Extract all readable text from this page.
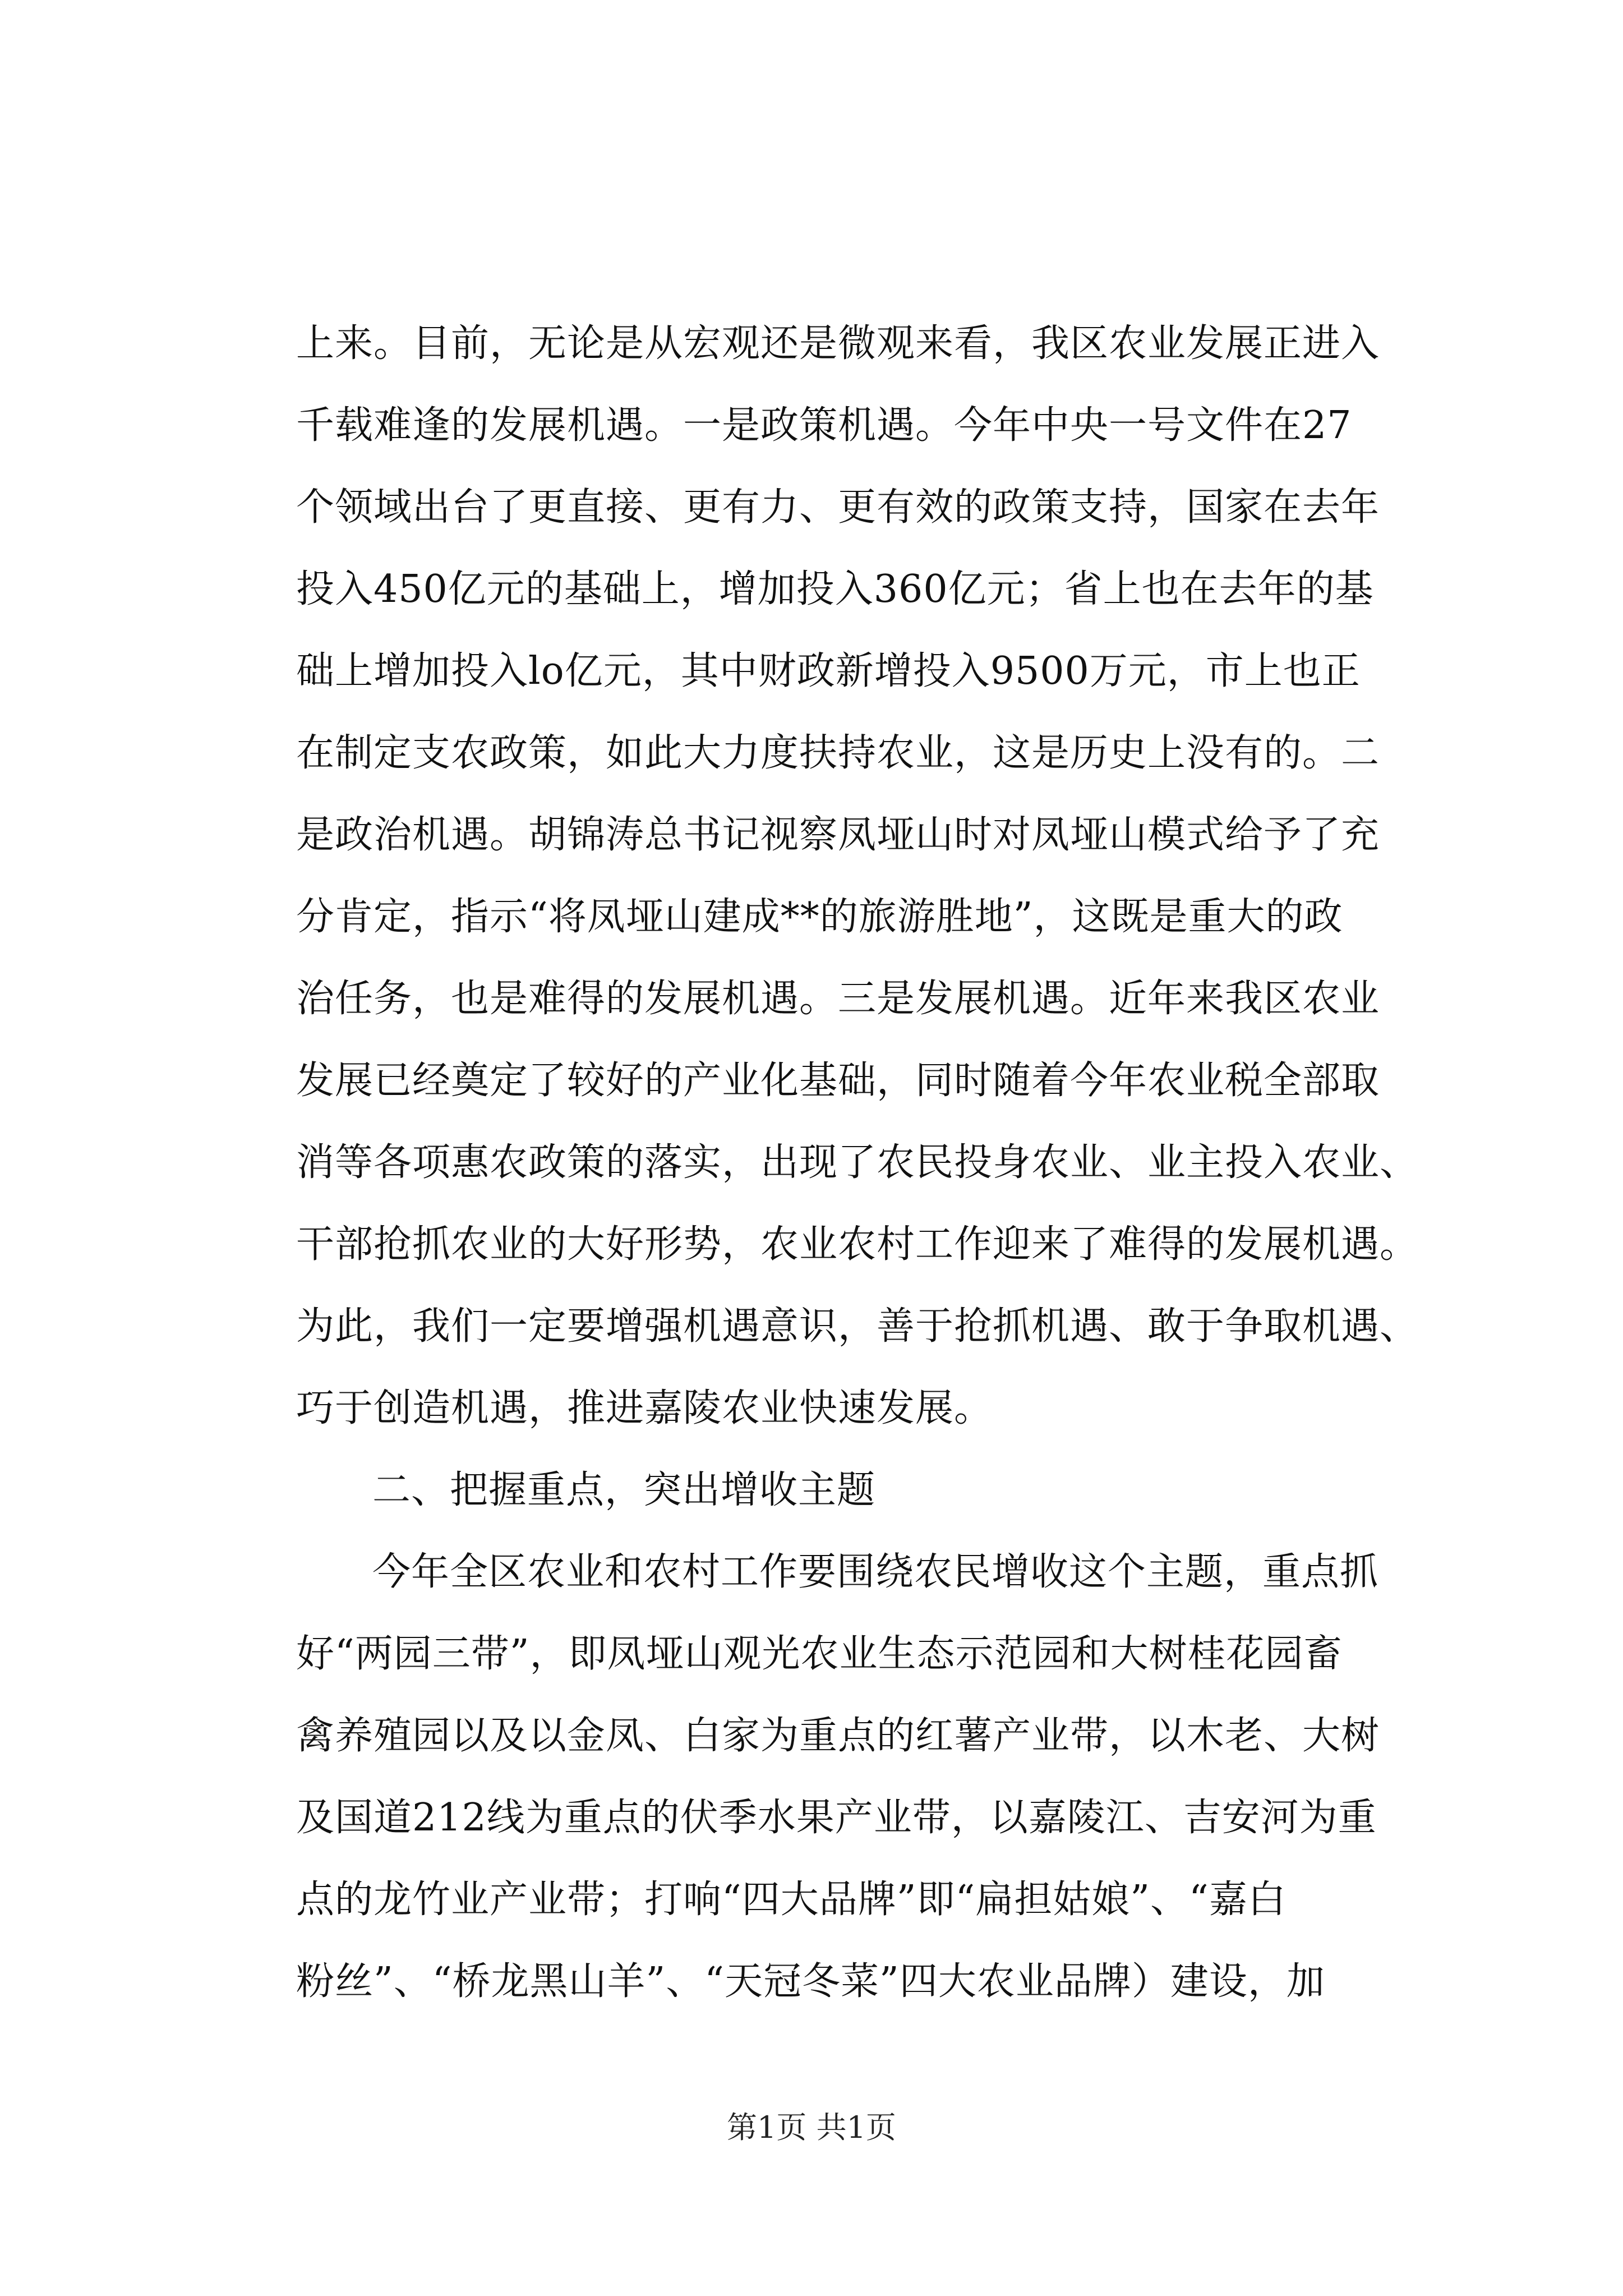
上来。目前，无论是从宏观还是微观来看，我区农业发展正进入
千载难逢的发展机遇。一是政策机遇。今年中央一号文件在27
个领域出台了更直接、更有力、更有效的政策支持，国家在去年
投入450亿元的基础上，增加投入360亿元；省上也在去年的基
础上增加投入lo亿元，其中财政新增投入9500万元，市上也正
在制定支农政策，如此大力度扶持农业，这是历史上没有的。二
是政治机遇。胡锦涛总书记视察凤垭山时对凤垭山模式给予了充
分肯定，指示“将凤垭山建成**的旅游胜地”，这既是重大的政
治任务，也是难得的发展机遇。三是发展机遇。近年来我区农业
发展已经奠定了较好的产业化基础，同时随着今年农业税全部取
消等各项惠农政策的落实，出现了农民投身农业、业主投入农业、
干部抢抓农业的大好形势，农业农村工作迎来了难得的发展机遇。
为此，我们一定要增强机遇意识，善于抢抓机遇、敢于争取机遇、
巧于创造机遇，推进嘉陵农业快速发展。
二、把握重点，突出增收主题
今年全区农业和农村工作要围绕农民增收这个主题，重点抓
好“两园三带”，即凤垭山观光农业生态示范园和大树桂花园畜
禽养殖园以及以金凤、白家为重点的红薯产业带，以木老、大树
及国道212线为重点的伏季水果产业带，以嘉陵江、吉安河为重
点的龙竹业产业带；打响“四大品牌”即“扁担姑娘”、“嘉白
粉丝”、“桥龙黑山羊”、“天冠冬菜”四大农业品牌）建设，加
第1页 共1页
